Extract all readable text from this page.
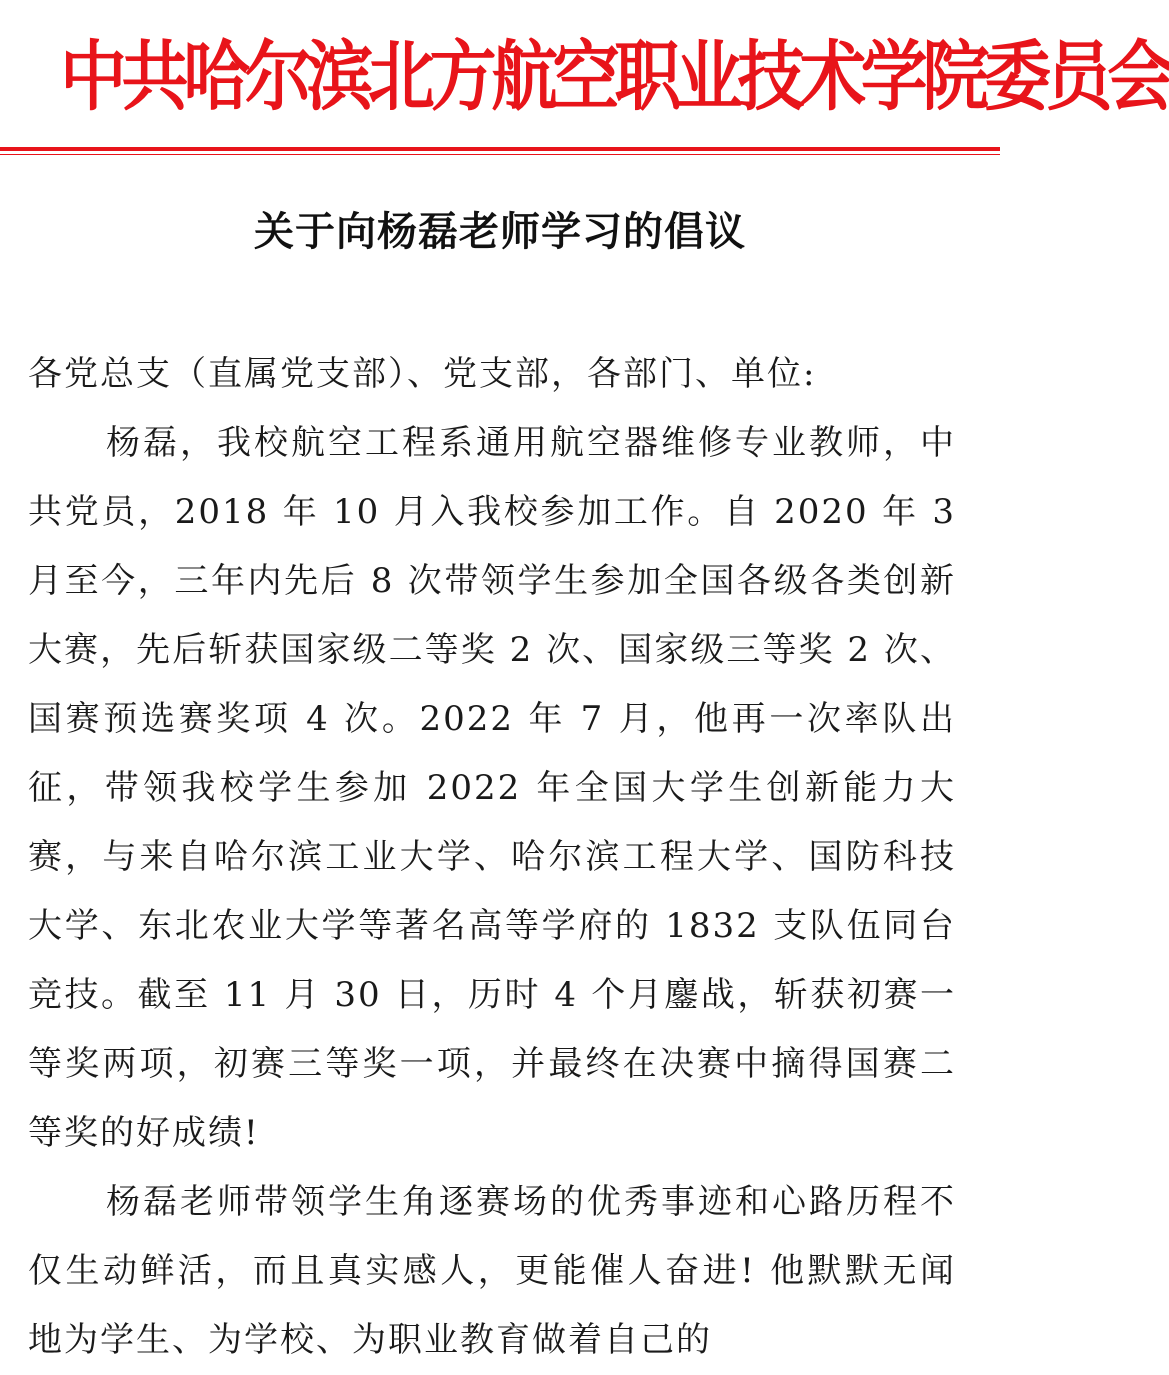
中共哈尔滨北方航空职业技术学院委员会
关于向杨磊老师学习的倡议

各党总支（直属党支部）、党支部，各部门、单位:

杨磊，我校航空工程系通用航空器维修专业教师，中共党员，2018 年 10 月入我校参加工作。自 2020 年 3 月至今，三年内先后 8 次带领学生参加全国各级各类创新大赛，先后斩获国家级二等奖 2 次、国家级三等奖 2 次、国赛预选赛奖项 4 次。2022 年 7 月，他再一次率队出征，带领我校学生参加 2022 年全国大学生创新能力大赛，与来自哈尔滨工业大学、哈尔滨工程大学、国防科技大学、东北农业大学等著名高等学府的 1832 支队伍同台竞技。截至 11 月 30 日，历时 4 个月鏖战，斩获初赛一等奖两项，初赛三等奖一项，并最终在决赛中摘得国赛二等奖的好成绩!

杨磊老师带领学生角逐赛场的优秀事迹和心路历程不仅生动鲜活，而且真实感人，更能催人奋进! 他默默无闻地为学生、为学校、为职业教育做着自己的
